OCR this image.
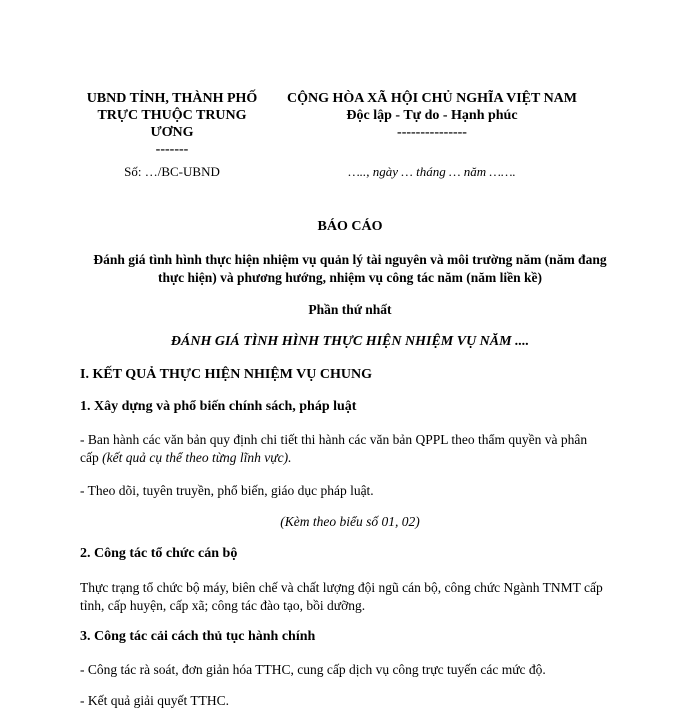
UBND TỈNH, THÀNH PHỐ
TRỰC THUỘC TRUNG
ƯƠNG
-------
CỘNG HÒA XÃ HỘI CHỦ NGHĨA VIỆT NAM
Độc lập - Tự do - Hạnh phúc
---------------
Số: …/BC-UBND	….., ngày … tháng … năm …….
BÁO CÁO
Đánh giá tình hình thực hiện nhiệm vụ quản lý tài nguyên và môi trường năm (năm đang
thực hiện) và phương hướng, nhiệm vụ công tác năm (năm liền kề)
Phần thứ nhất
ĐÁNH GIÁ TÌNH HÌNH THỰC HIỆN NHIỆM VỤ NĂM ....
I. KẾT QUẢ THỰC HIỆN NHIỆM VỤ CHUNG
1. Xây dựng và phổ biến chính sách, pháp luật
- Ban hành các văn bản quy định chi tiết thi hành các văn bản QPPL theo thẩm quyền và phân
cấp (kết quả cụ thể theo từng lĩnh vực).
- Theo dõi, tuyên truyền, phổ biến, giáo dục pháp luật.
(Kèm theo biểu số 01, 02)
2. Công tác tổ chức cán bộ
Thực trạng tổ chức bộ máy, biên chế và chất lượng đội ngũ cán bộ, công chức Ngành TNMT cấp
tỉnh, cấp huyện, cấp xã; công tác đào tạo, bồi dưỡng.
3. Công tác cải cách thủ tục hành chính
- Công tác rà soát, đơn giản hóa TTHC, cung cấp dịch vụ công trực tuyến các mức độ.
- Kết quả giải quyết TTHC.
